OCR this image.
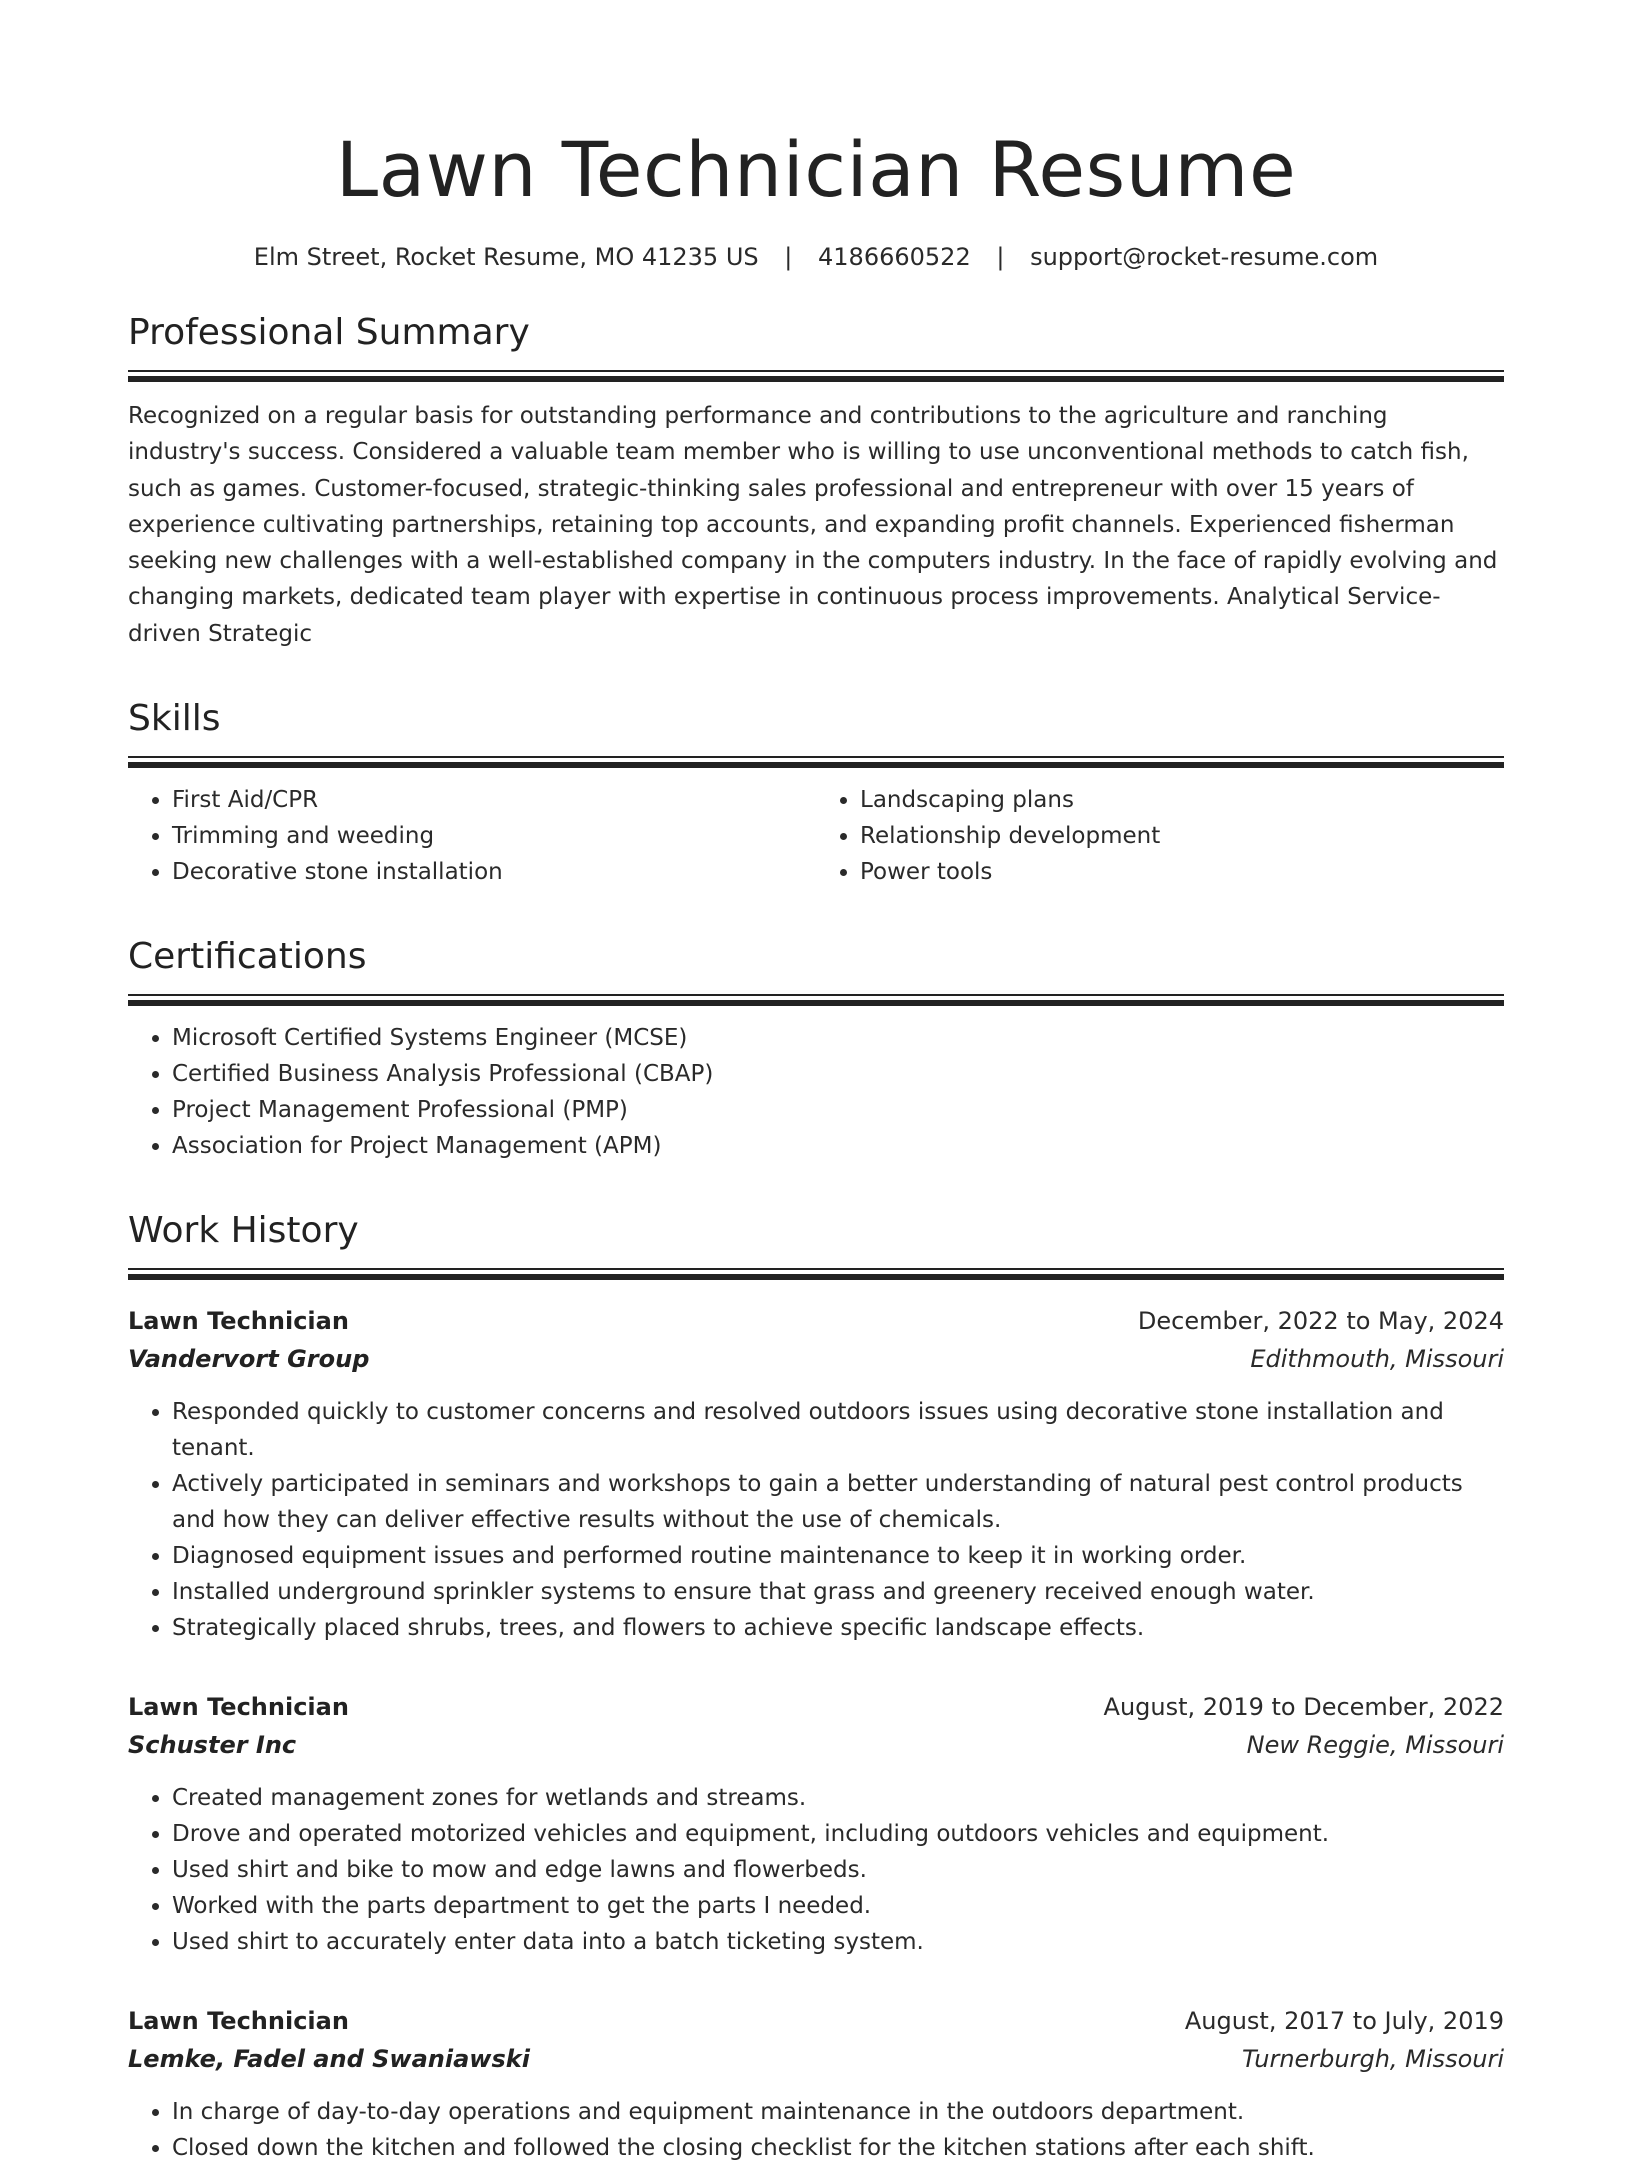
Lawn Technician Resume
Elm Street, Rocket Resume, MO 41235 US | 4186660522 | support@rocket-resume.com
Professional Summary
Recognized on a regular basis for outstanding performance and contributions to the agriculture and ranching industry's success. Considered a valuable team member who is willing to use unconventional methods to catch fish, such as games. Customer-focused, strategic-thinking sales professional and entrepreneur with over 15 years of experience cultivating partnerships, retaining top accounts, and expanding profit channels. Experienced fisherman seeking new challenges with a well-established company in the computers industry. In the face of rapidly evolving and changing markets, dedicated team player with expertise in continuous process improvements. Analytical Service-driven Strategic
Skills
• First Aid/CPR
• Trimming and weeding
• Decorative stone installation
• Landscaping plans
• Relationship development
• Power tools
Certifications
• Microsoft Certified Systems Engineer (MCSE)
• Certified Business Analysis Professional (CBAP)
• Project Management Professional (PMP)
• Association for Project Management (APM)
Work History
Lawn Technician	December, 2022 to May, 2024
Vandervort Group	Edithmouth, Missouri
• Responded quickly to customer concerns and resolved outdoors issues using decorative stone installation and tenant.
• Actively participated in seminars and workshops to gain a better understanding of natural pest control products and how they can deliver effective results without the use of chemicals.
• Diagnosed equipment issues and performed routine maintenance to keep it in working order.
• Installed underground sprinkler systems to ensure that grass and greenery received enough water.
• Strategically placed shrubs, trees, and flowers to achieve specific landscape effects.
Lawn Technician	August, 2019 to December, 2022
Schuster Inc	New Reggie, Missouri
• Created management zones for wetlands and streams.
• Drove and operated motorized vehicles and equipment, including outdoors vehicles and equipment.
• Used shirt and bike to mow and edge lawns and flowerbeds.
• Worked with the parts department to get the parts I needed.
• Used shirt to accurately enter data into a batch ticketing system.
Lawn Technician	August, 2017 to July, 2019
Lemke, Fadel and Swaniawski	Turnerburgh, Missouri
• In charge of day-to-day operations and equipment maintenance in the outdoors department.
• Closed down the kitchen and followed the closing checklist for the kitchen stations after each shift.
